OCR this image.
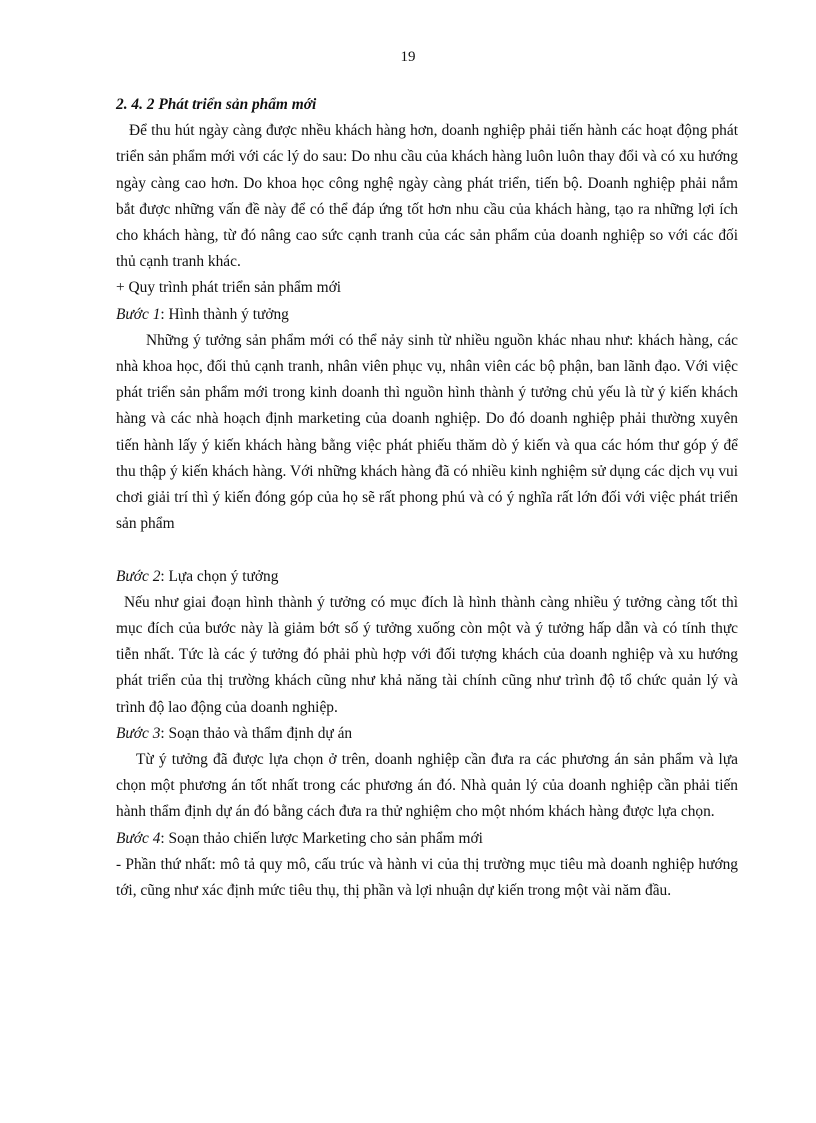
19

2. 4. 2 Phát triển sản phẩm mới

Để thu hút ngày càng được nhều khách hàng hơn, doanh nghiệp phải tiến hành các hoạt động phát triển sản phẩm mới với các lý do sau: Do nhu cầu của khách hàng luôn luôn thay đổi và có xu hướng ngày càng cao hơn. Do khoa học công nghệ ngày càng phát triển, tiến bộ. Doanh nghiệp phải nắm bắt được những vấn đề này để có thể đáp ứng tốt hơn nhu cầu của khách hàng, tạo ra những lợi ích cho khách hàng, từ đó nâng cao sức cạnh tranh của các sản phẩm của doanh nghiệp so với các đối thủ cạnh tranh khác.

+ Quy trình phát triển sản phẩm mới

Bước 1: Hình thành ý tưởng

Những ý tưởng sản phẩm mới có thể nảy sinh từ nhiều nguồn khác nhau như: khách hàng, các nhà khoa học, đối thủ cạnh tranh, nhân viên phục vụ, nhân viên các bộ phận, ban lãnh đạo. Với việc phát triển sản phẩm mới trong kinh doanh thì nguồn hình thành ý tưởng chủ yếu là từ ý kiến khách hàng và các nhà hoạch định marketing của doanh nghiệp. Do đó doanh nghiệp phải thường xuyên tiến hành lấy ý kiến khách hàng bằng việc phát phiếu thăm dò ý kiến và qua các hóm thư góp ý để thu thập ý kiến khách hàng. Với những khách hàng đã có nhiều kinh nghiệm sử dụng các dịch vụ vui chơi giải trí thì ý kiến đóng góp của họ sẽ rất phong phú và có ý nghĩa rất lớn đối với việc phát triển sản phẩm

Bước 2: Lựa chọn ý tưởng

Nếu như giai đoạn hình thành ý tưởng có mục đích là hình thành càng nhiều ý tưởng càng tốt thì mục đích của bước này là giảm bớt số ý tưởng xuống còn một và ý tưởng hấp dẫn và có tính thực tiễn nhất. Tức là các ý tưởng đó phải phù hợp với đối tượng khách của doanh nghiệp và xu hướng phát triển của thị trường khách cũng như khả năng tài chính cũng như trình độ tổ chức quản lý và trình độ lao động của doanh nghiệp.

Bước 3: Soạn thảo và thẩm định dự án

Từ ý tưởng đã được lựa chọn ở trên, doanh nghiệp cần đưa ra các phương án sản phẩm và lựa chọn một phương án tốt nhất trong các phương án đó. Nhà quản lý của doanh nghiệp cần phải tiến hành thẩm định dự án đó bằng cách đưa ra thử nghiệm cho một nhóm khách hàng được lựa chọn.

Bước 4: Soạn thảo chiến lược Marketing cho sản phẩm mới

- Phần thứ nhất: mô tả quy mô, cấu trúc và hành vi của thị trường mục tiêu mà doanh nghiệp hướng tới, cũng như xác định mức tiêu thụ, thị phần và lợi nhuận dự kiến trong một vài năm đầu.
